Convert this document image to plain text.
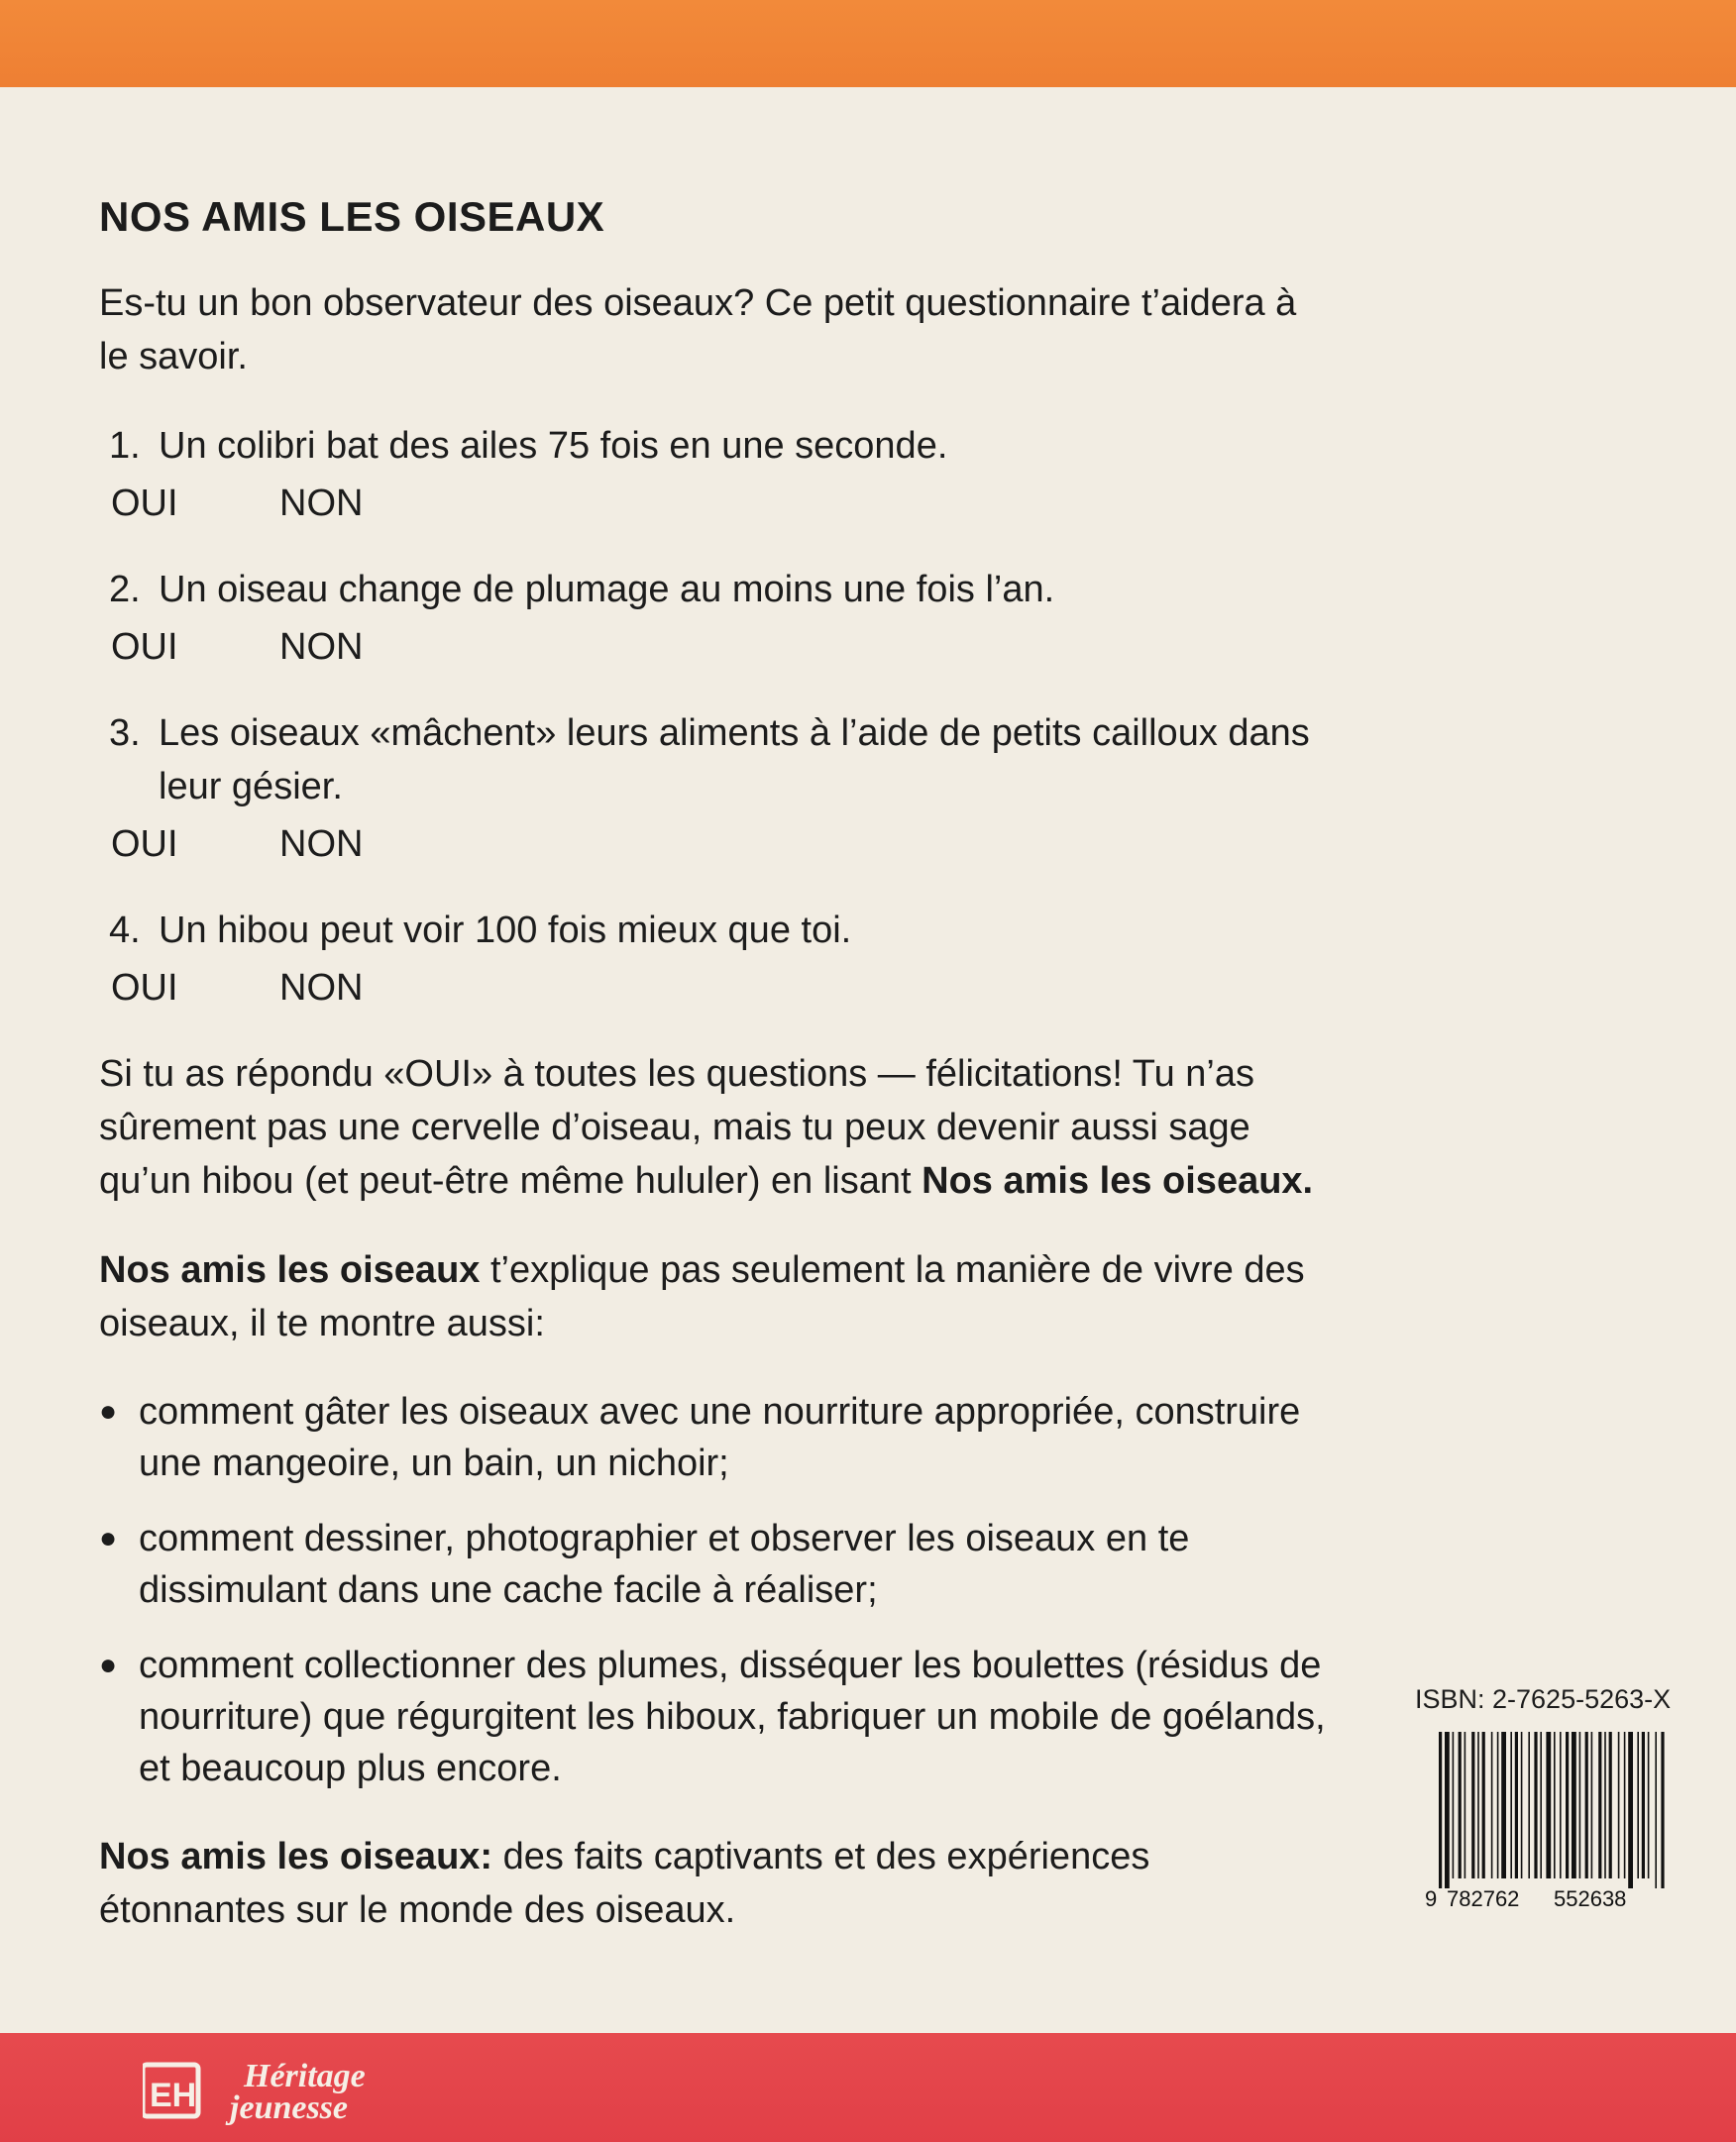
NOS AMIS LES OISEAUX

Es-tu un bon observateur des oiseaux? Ce petit questionnaire t’aidera à le savoir.

1. Un colibri bat des ailes 75 fois en une seconde.
OUI	NON
2. Un oiseau change de plumage au moins une fois l’an.
OUI	NON
3. Les oiseaux «mâchent» leurs aliments à l’aide de petits cailloux dans leur gésier.
OUI	NON
4. Un hibou peut voir 100 fois mieux que toi.
OUI	NON

Si tu as répondu «OUI» à toutes les questions — félicitations! Tu n’as sûrement pas une cervelle d’oiseau, mais tu peux devenir aussi sage qu’un hibou (et peut-être même hululer) en lisant Nos amis les oiseaux.

Nos amis les oiseaux t’explique pas seulement la manière de vivre des oiseaux, il te montre aussi:

● comment gâter les oiseaux avec une nourriture appropriée, construire une mangeoire, un bain, un nichoir;
● comment dessiner, photographier et observer les oiseaux en te dissimulant dans une cache facile à réaliser;
● comment collectionner des plumes, disséquer les boulettes (résidus de nourriture) que régurgitent les hiboux, fabriquer un mobile de goélands, et beaucoup plus encore.

Nos amis les oiseaux: des faits captivants et des expériences étonnantes sur le monde des oiseaux.

ISBN: 2-7625-5263-X
9 782762 552638
EH
Héritage
jeunesse
